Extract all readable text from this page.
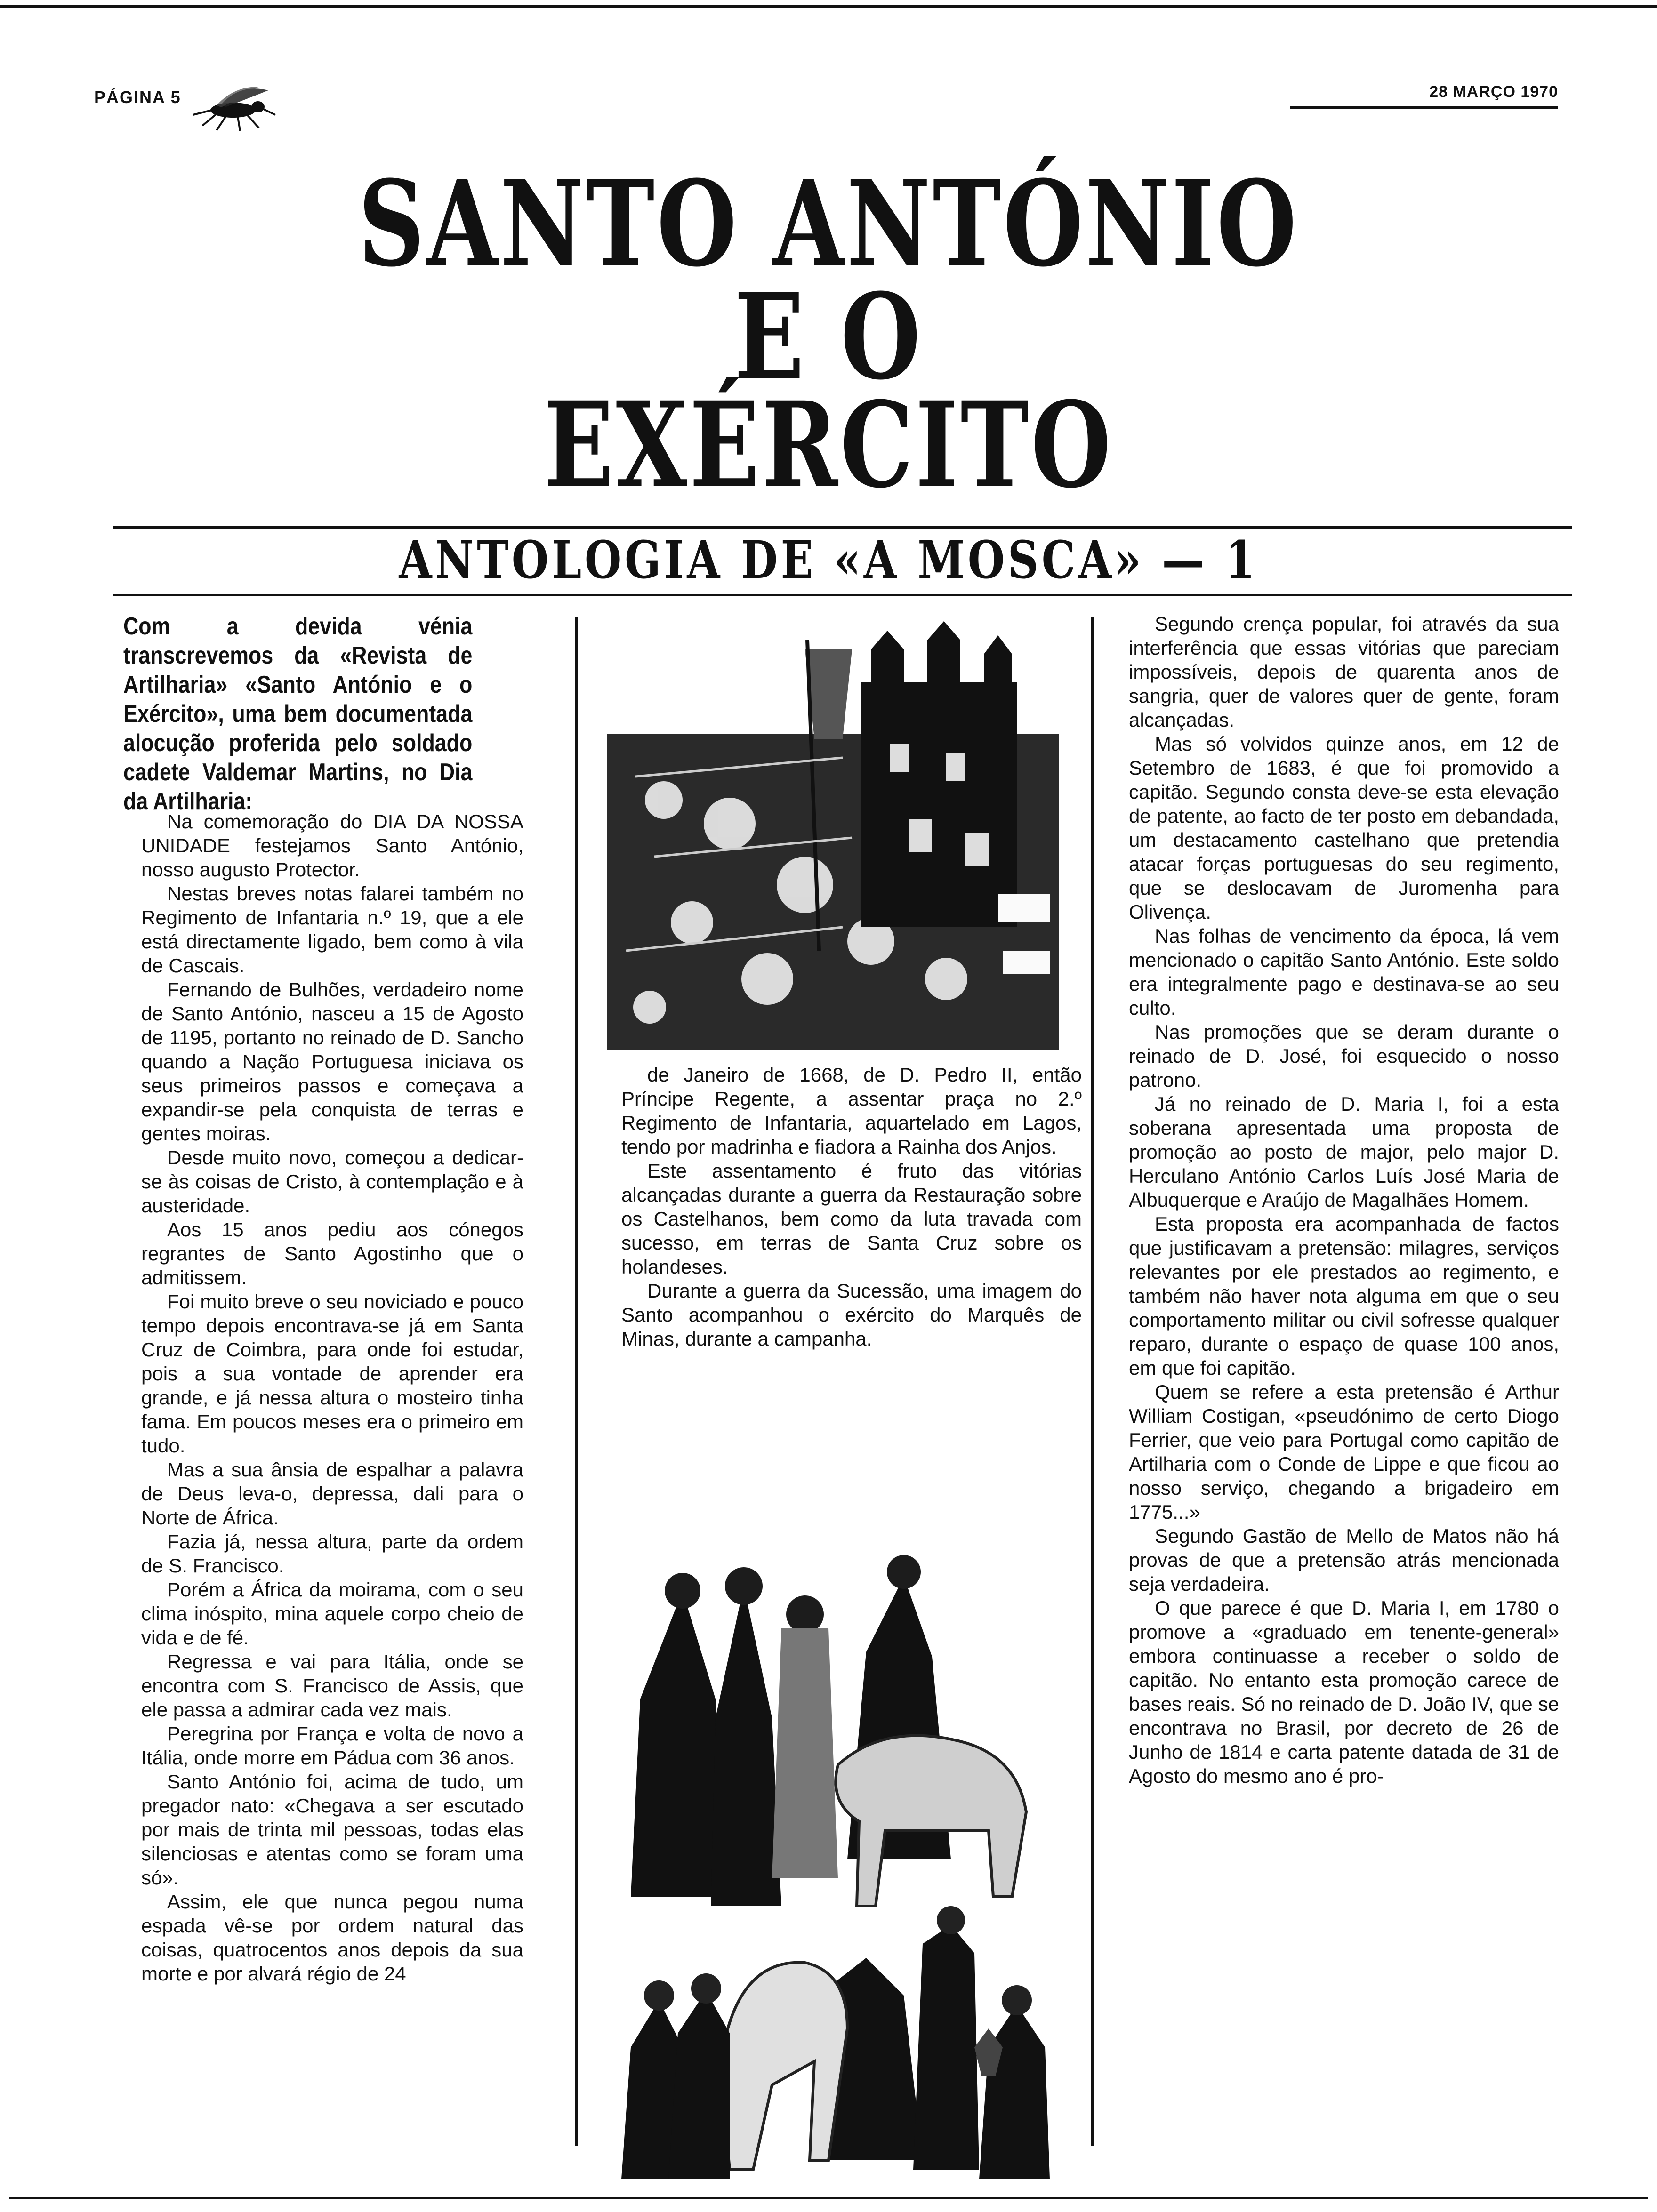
PÁGINA 5	28 MARÇO 1970
SANTO ANTÓNIO
E O
EXÉRCITO
ANTOLOGIA DE «A MOSCA» — 1

Com a devida vénia transcrevemos da «Revista de Artilharia» «Santo António e o Exército», uma bem documentada alocução proferida pelo soldado cadete Valdemar Martins, no Dia da Artilharia:

Na comemoração do DIA DA NOSSA UNIDADE festejamos Santo António, nosso augusto Protector.

Nestas breves notas falarei também no Regimento de Infantaria n.º 19, que a ele está directamente ligado, bem como à vila de Cascais.

Fernando de Bulhões, verdadeiro nome de Santo António, nasceu a 15 de Agosto de 1195, portanto no reinado de D. Sancho quando a Nação Portuguesa iniciava os seus primeiros passos e começava a expandir-se pela conquista de terras e gentes moiras.

Desde muito novo, começou a dedicar-se às coisas de Cristo, à contemplação e à austeridade.

Aos 15 anos pediu aos cónegos regrantes de Santo Agostinho que o admitissem.

Foi muito breve o seu noviciado e pouco tempo depois encontrava-se já em Santa Cruz de Coimbra, para onde foi estudar, pois a sua vontade de aprender era grande, e já nessa altura o mosteiro tinha fama. Em poucos meses era o primeiro em tudo.

Mas a sua ânsia de espalhar a palavra de Deus leva-o, depressa, dali para o Norte de África.

Fazia já, nessa altura, parte da ordem de S. Francisco.

Porém a África da moirama, com o seu clima inóspito, mina aquele corpo cheio de vida e de fé.

Regressa e vai para Itália, onde se encontra com S. Francisco de Assis, que ele passa a admirar cada vez mais.

Peregrina por França e volta de novo a Itália, onde morre em Pádua com 36 anos.

Santo António foi, acima de tudo, um pregador nato: «Chegava a ser escutado por mais de trinta mil pessoas, todas elas silenciosas e atentas como se foram uma só».

Assim, ele que nunca pegou numa espada vê-se por ordem natural das coisas, quatrocentos anos depois da sua morte e por alvará régio de 24

de Janeiro de 1668, de D. Pedro II, então Príncipe Regente, a assentar praça no 2.º Regimento de Infantaria, aquartelado em Lagos, tendo por madrinha e fiadora a Rainha dos Anjos.

Este assentamento é fruto das vitórias alcançadas durante a guerra da Restauração sobre os Castelhanos, bem como da luta travada com sucesso, em terras de Santa Cruz sobre os holandeses.

Durante a guerra da Sucessão, uma imagem do Santo acompanhou o exército do Marquês de Minas, durante a campanha.

Segundo crença popular, foi através da sua interferência que essas vitórias que pareciam impossíveis, depois de quarenta anos de sangria, quer de valores quer de gente, foram alcançadas.

Mas só volvidos quinze anos, em 12 de Setembro de 1683, é que foi promovido a capitão. Segundo consta deve-se esta elevação de patente, ao facto de ter posto em debandada, um destacamento castelhano que pretendia atacar forças portuguesas do seu regimento, que se deslocavam de Juromenha para Olivença.

Nas folhas de vencimento da época, lá vem mencionado o capitão Santo António. Este soldo era integralmente pago e destinava-se ao seu culto.

Nas promoções que se deram durante o reinado de D. José, foi esquecido o nosso patrono.

Já no reinado de D. Maria I, foi a esta soberana apresentada uma proposta de promoção ao posto de major, pelo major D. Herculano António Carlos Luís José Maria de Albuquerque e Araújo de Magalhães Homem.

Esta proposta era acompanhada de factos que justificavam a pretensão: milagres, serviços relevantes por ele prestados ao regimento, e também não haver nota alguma em que o seu comportamento militar ou civil sofresse qualquer reparo, durante o espaço de quase 100 anos, em que foi capitão.

Quem se refere a esta pretensão é Arthur William Costigan, «pseudónimo de certo Diogo Ferrier, que veio para Portugal como capitão de Artilharia com o Conde de Lippe e que ficou ao nosso serviço, chegando a brigadeiro em 1775...»

Segundo Gastão de Mello de Matos não há provas de que a pretensão atrás mencionada seja verdadeira.

O que parece é que D. Maria I, em 1780 o promove a «graduado em tenente-general» embora continuasse a receber o soldo de capitão. No entanto esta promoção carece de bases reais. Só no reinado de D. João IV, que se encontrava no Brasil, por decreto de 26 de Junho de 1814 e carta patente datada de 31 de Agosto do mesmo ano é pro-
